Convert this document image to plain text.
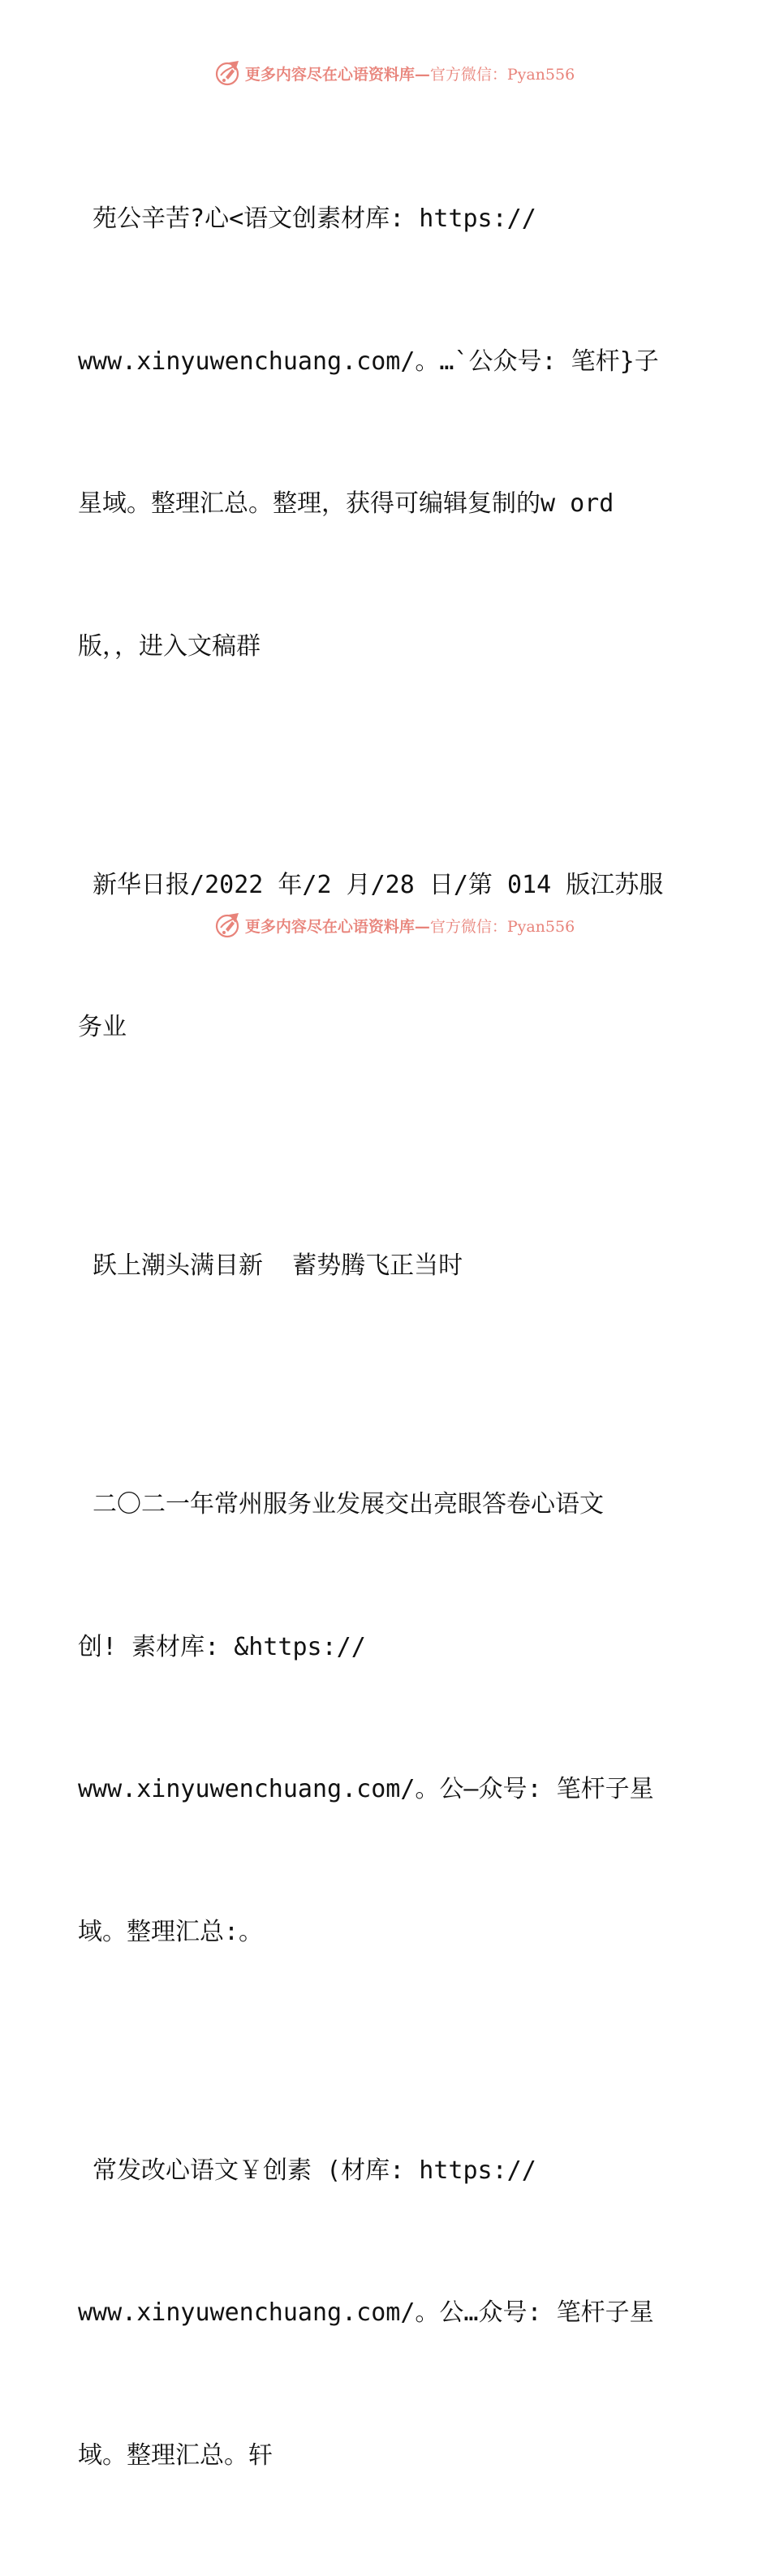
更多内容尽在心语资料库—官方微信：Pyan556

苑公辛苦?心<语文创素材库: https://

www.xinyuwenchuang.com/。…`公众号: 笔杆}子

星域。整理汇总。整理，获得可编辑复制的w ord

版，，进入文稿群

新华日报/2022 年/2 月/28 日/第 014 版江苏服

务业

跃上潮头满目新  蓄势腾飞正当时

二〇二一年常州服务业发展交出亮眼答卷心语文

创! 素材库: &https://

www.xinyuwenchuang.com/。公—众号: 笔杆子星

域。整理汇总:。

常发改心语文￥创素 (材库: https://

www.xinyuwenchuang.com/。公…众号: 笔杆子星

域。整理汇总。轩

更多内容尽在心语资料库—官方微信：Pyan556
